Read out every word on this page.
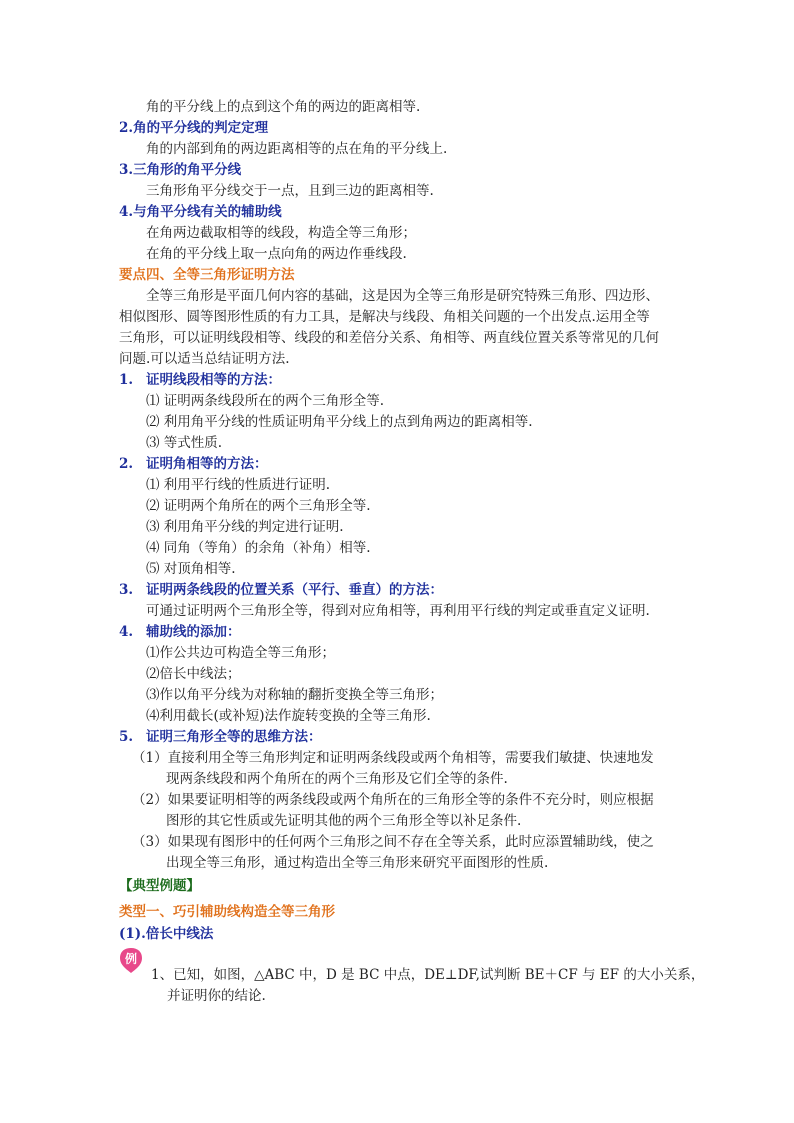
角的平分线上的点到这个角的两边的距离相等.
2.角的平分线的判定定理
角的内部到角的两边距离相等的点在角的平分线上.
3.三角形的角平分线
三角形角平分线交于一点，且到三边的距离相等.
4.与角平分线有关的辅助线
在角两边截取相等的线段，构造全等三角形；
在角的平分线上取一点向角的两边作垂线段.
要点四、全等三角形证明方法
全等三角形是平面几何内容的基础，这是因为全等三角形是研究特殊三角形、四边形、
相似图形、圆等图形性质的有力工具，是解决与线段、角相关问题的一个出发点.运用全等
三角形，可以证明线段相等、线段的和差倍分关系、角相等、两直线位置关系等常见的几何
问题.可以适当总结证明方法.
1. 证明线段相等的方法：
⑴ 证明两条线段所在的两个三角形全等.
⑵ 利用角平分线的性质证明角平分线上的点到角两边的距离相等.
⑶ 等式性质.
2. 证明角相等的方法：
⑴ 利用平行线的性质进行证明.
⑵ 证明两个角所在的两个三角形全等.
⑶ 利用角平分线的判定进行证明.
⑷ 同角（等角）的余角（补角）相等.
⑸ 对顶角相等.
3. 证明两条线段的位置关系（平行、垂直）的方法：
可通过证明两个三角形全等，得到对应角相等，再利用平行线的判定或垂直定义证明.
4. 辅助线的添加：
⑴作公共边可构造全等三角形；
⑵倍长中线法；
⑶作以角平分线为对称轴的翻折变换全等三角形；
⑷利用截长(或补短)法作旋转变换的全等三角形.
5. 证明三角形全等的思维方法：
（1）直接利用全等三角形判定和证明两条线段或两个角相等，需要我们敏捷、快速地发
现两条线段和两个角所在的两个三角形及它们全等的条件.
（2）如果要证明相等的两条线段或两个角所在的三角形全等的条件不充分时，则应根据
图形的其它性质或先证明其他的两个三角形全等以补足条件.
（3）如果现有图形中的任何两个三角形之间不存在全等关系，此时应添置辅助线，使之
出现全等三角形，通过构造出全等三角形来研究平面图形的性质.
【典型例题】
类型一、巧引辅助线构造全等三角形
(1).倍长中线法
例
1、已知，如图，△ABC 中，D 是 BC 中点，DE⊥DF,试判断 BE＋CF 与 EF 的大小关系，
并证明你的结论.
